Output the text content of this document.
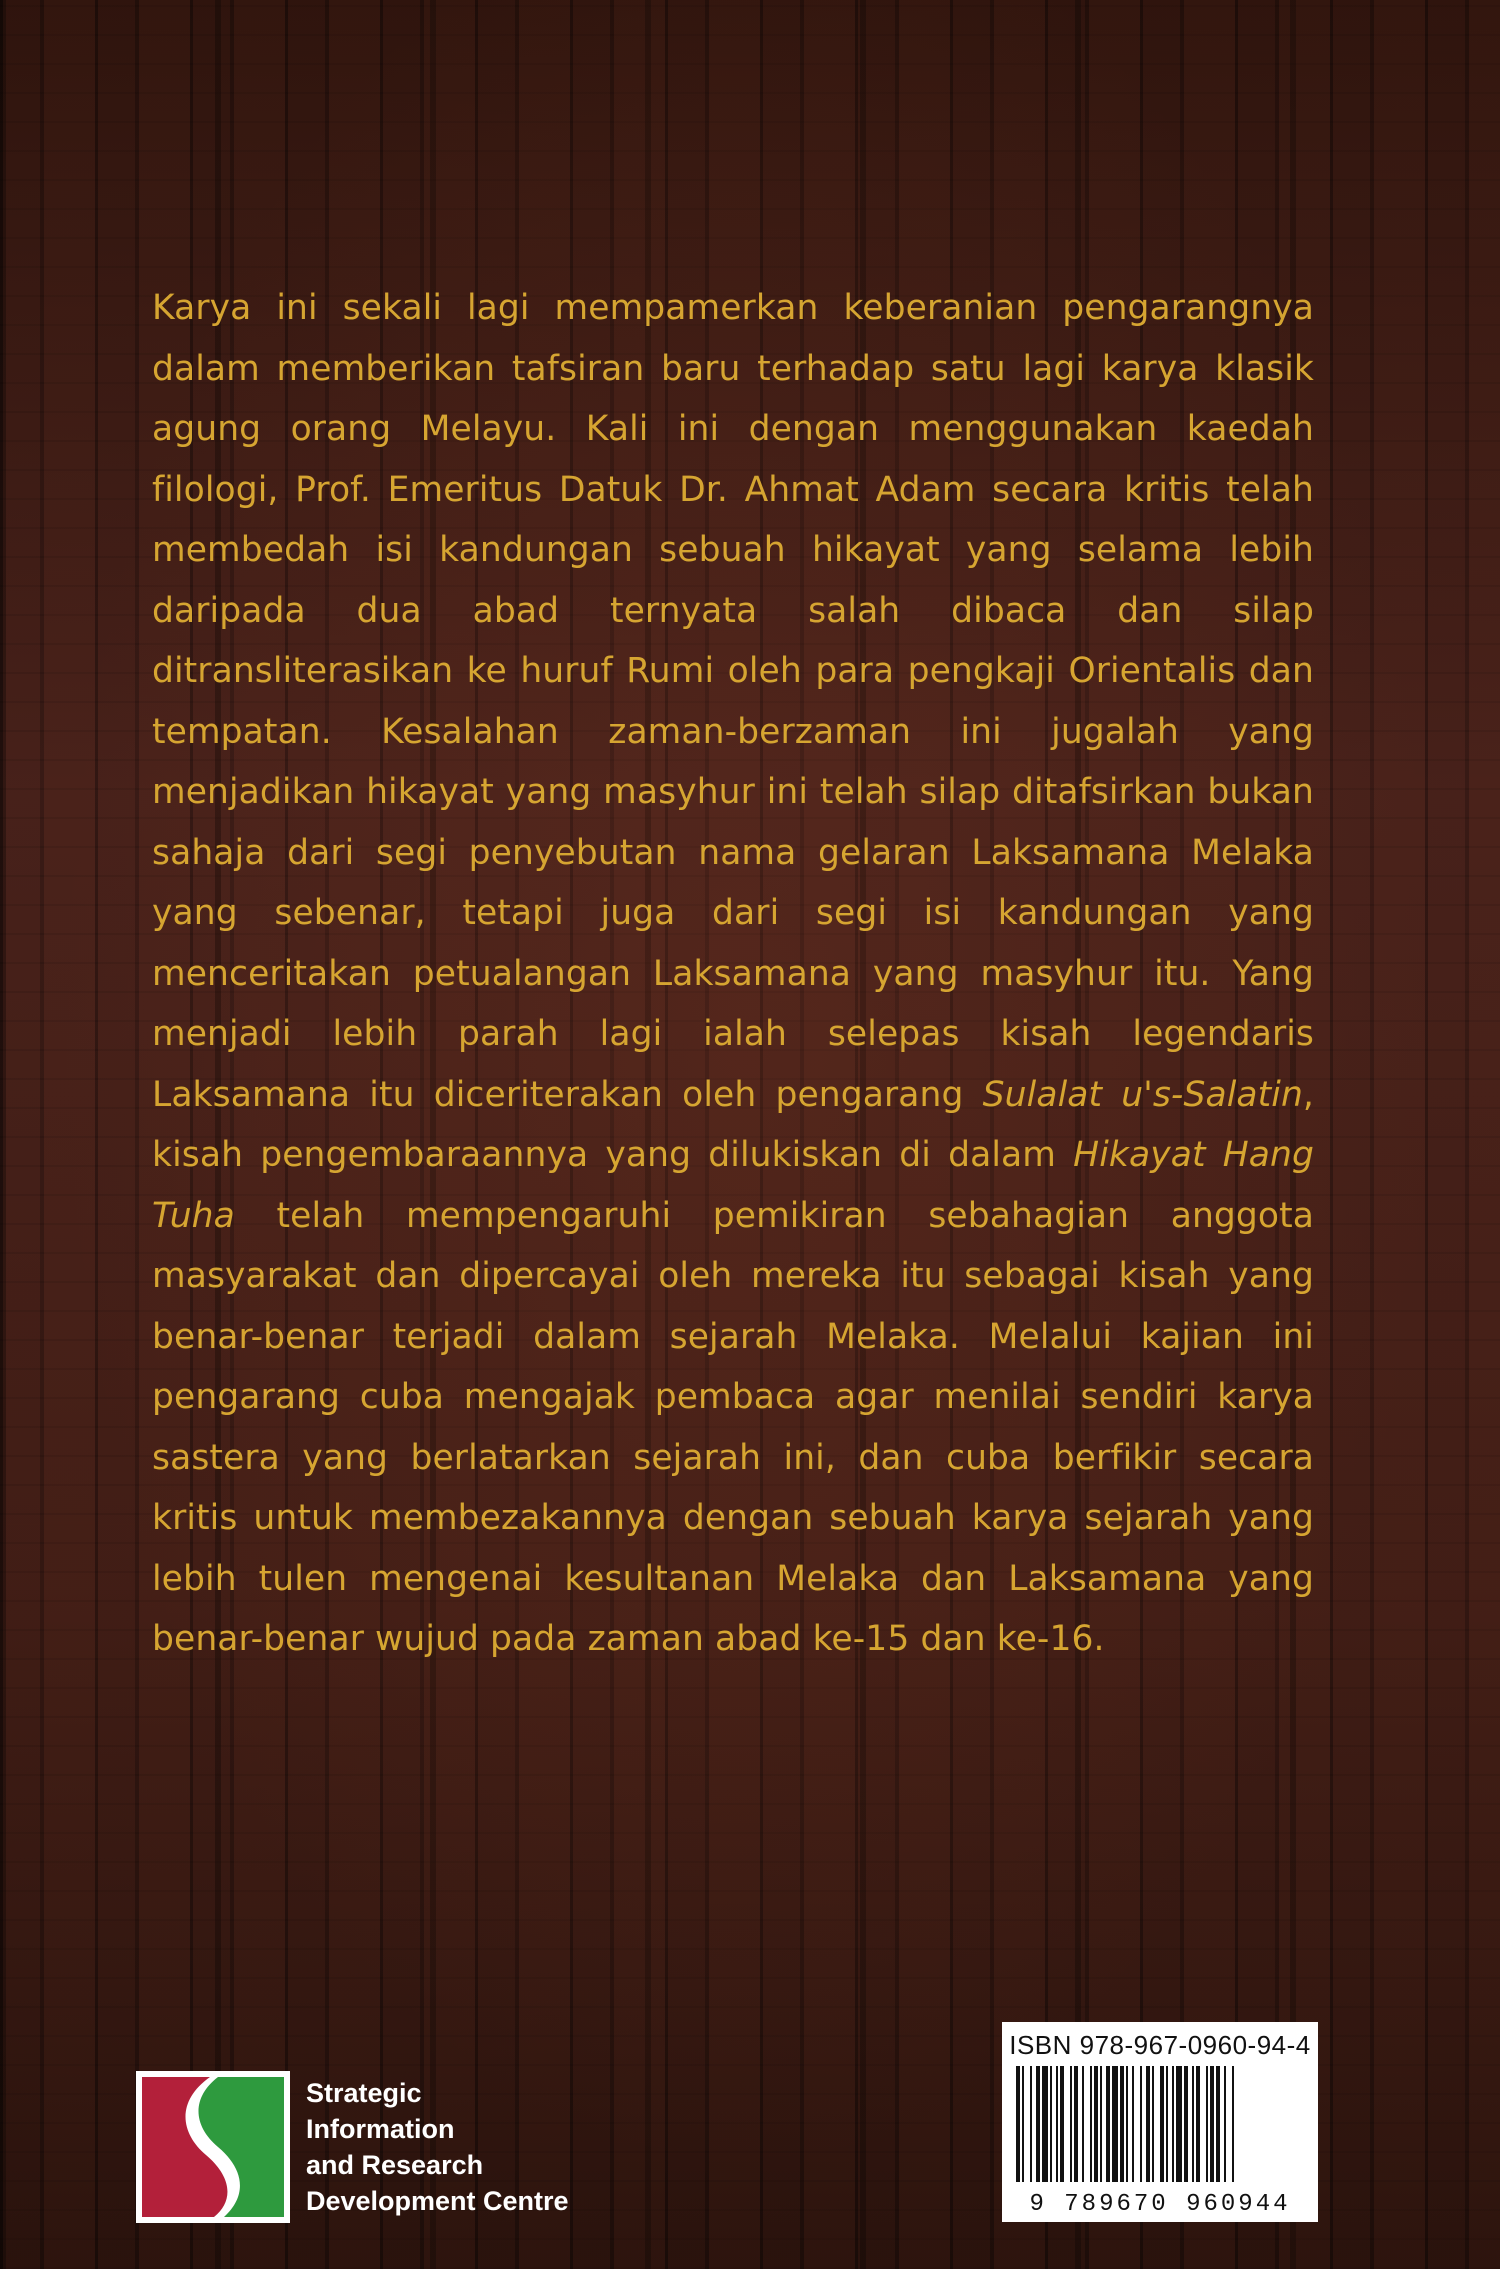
Karya ini sekali lagi mempamerkan keberanian pengarangnya dalam memberikan tafsiran baru terhadap satu lagi karya klasik agung orang Melayu. Kali ini dengan menggunakan kaedah filologi, Prof. Emeritus Datuk Dr. Ahmat Adam secara kritis telah membedah isi kandungan sebuah hikayat yang selama lebih daripada dua abad ternyata salah dibaca dan silap ditransliterasikan ke huruf Rumi oleh para pengkaji Orientalis dan tempatan. Kesalahan zaman-berzaman ini jugalah yang menjadikan hikayat yang masyhur ini telah silap ditafsirkan bukan sahaja dari segi penyebutan nama gelaran Laksamana Melaka yang sebenar, tetapi juga dari segi isi kandungan yang menceritakan petualangan Laksamana yang masyhur itu. Yang menjadi lebih parah lagi ialah selepas kisah legendaris Laksamana itu diceriterakan oleh pengarang Sulalat u's-Salatin, kisah pengembaraannya yang dilukiskan di dalam Hikayat Hang Tuha telah mempengaruhi pemikiran sebahagian anggota masyarakat dan dipercayai oleh mereka itu sebagai kisah yang benar-benar terjadi dalam sejarah Melaka. Melalui kajian ini pengarang cuba mengajak pembaca agar menilai sendiri karya sastera yang berlatarkan sejarah ini, dan cuba berfikir secara kritis untuk membezakannya dengan sebuah karya sejarah yang lebih tulen mengenai kesultanan Melaka dan Laksamana yang benar-benar wujud pada zaman abad ke-15 dan ke-16.

Strategic
Information
and Research
Development Centre
ISBN 978-967-0960-94-4
9 789670 960944
